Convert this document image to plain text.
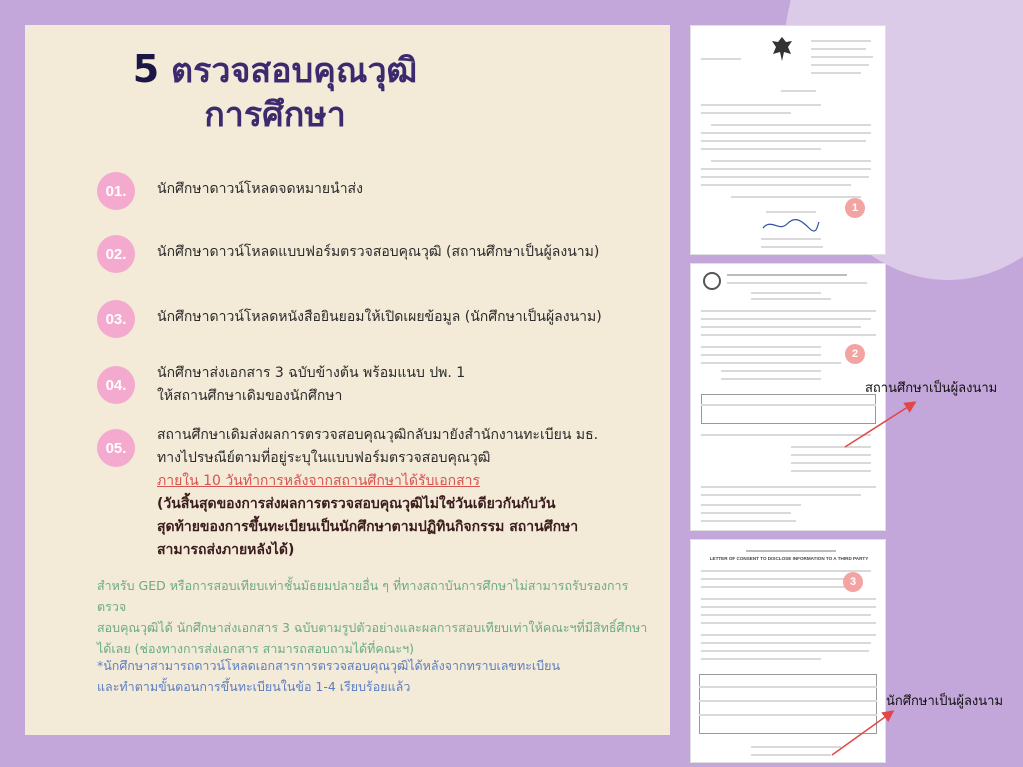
5 ตรวจสอบคุณวุฒิ
การศึกษา
01.	นักศึกษาดาวน์โหลดจดหมายนำส่ง
02.	นักศึกษาดาวน์โหลดแบบฟอร์มตรวจสอบคุณวุฒิ (สถานศึกษาเป็นผู้ลงนาม)
03.	นักศึกษาดาวน์โหลดหนังสือยินยอมให้เปิดเผยข้อมูล (นักศึกษาเป็นผู้ลงนาม)
04.
นักศึกษาส่งเอกสาร 3 ฉบับข้างต้น พร้อมแนบ ปพ. 1
ให้สถานศึกษาเดิมของนักศึกษา
05.
สถานศึกษาเดิมส่งผลการตรวจสอบคุณวุฒิกลับมายังสำนักงานทะเบียน มธ.
ทางไปรษณีย์ตามที่อยู่ระบุในแบบฟอร์มตรวจสอบคุณวุฒิ
ภายใน 10 วันทำการหลังจากสถานศึกษาได้รับเอกสาร
(วันสิ้นสุดของการส่งผลการตรวจสอบคุณวุฒิไม่ใช่วันเดียวกันกับวัน
สุดท้ายของการขึ้นทะเบียนเป็นนักศึกษาตามปฏิทินกิจกรรม สถานศึกษา
สามารถส่งภายหลังได้)
สำหรับ GED หรือการสอบเทียบเท่าชั้นมัธยมปลายอื่น ๆ ที่ทางสถาบันการศึกษาไม่สามารถรับรองการตรวจ
สอบคุณวุฒิได้ นักศึกษาส่งเอกสาร 3 ฉบับตามรูปตัวอย่างและผลการสอบเทียบเท่าให้คณะฯที่มีสิทธิ์ศึกษา
ได้เลย (ช่องทางการส่งเอกสาร สามารถสอบถามได้ที่คณะฯ)
*นักศึกษาสามารถดาวน์โหลดเอกสารการตรวจสอบคุณวุฒิได้หลังจากทราบเลขทะเบียน
และทำตามขั้นตอนการขึ้นทะเบียนในข้อ 1-4 เรียบร้อยแล้ว
1
2
LETTER OF CONSENT TO DISCLOSE INFORMATION TO A THIRD PARTY
3
สถานศึกษาเป็นผู้ลงนาม
นักศึกษาเป็นผู้ลงนาม
